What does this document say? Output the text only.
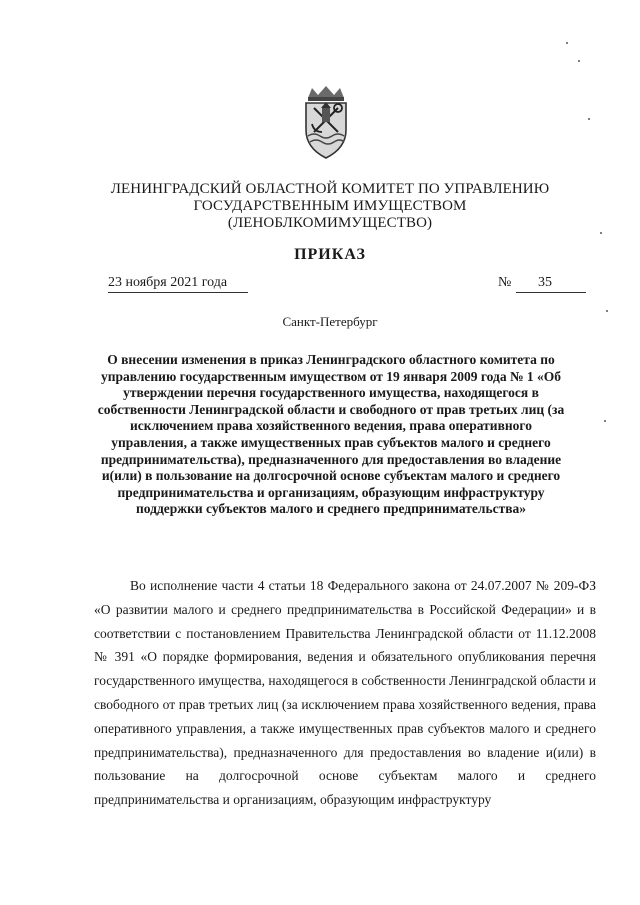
ЛЕНИНГРАДСКИЙ ОБЛАСТНОЙ КОМИТЕТ ПО УПРАВЛЕНИЮ
ГОСУДАРСТВЕННЫМ ИМУЩЕСТВОМ
(ЛЕНОБЛКОМИМУЩЕСТВО)
ПРИКАЗ
23 ноября 2021 года	№	35
Санкт-Петербург
О внесении изменения в приказ Ленинградского областного комитета по управлению государственным имуществом от 19 января 2009 года № 1 «Об утверждении перечня государственного имущества, находящегося в собственности Ленинградской области и свободного от прав третьих лиц (за исключением права хозяйственного ведения, права оперативного управления, а также имущественных прав субъектов малого и среднего предпринимательства), предназначенного для предоставления во владение и(или) в пользование на долгосрочной основе субъектам малого и среднего предпринимательства и организациям, образующим инфраструктуру поддержки субъектов малого и среднего предпринимательства»
Во исполнение части 4 статьи 18 Федерального закона от 24.07.2007 № 209-ФЗ «О развитии малого и среднего предпринимательства в Российской Федерации» и в соответствии с постановлением Правительства Ленинградской области от 11.12.2008 № 391 «О порядке формирования, ведения и обязательного опубликования перечня государственного имущества, находящегося в собственности Ленинградской области и свободного от прав третьих лиц (за исключением права хозяйственного ведения, права оперативного управления, а также имущественных прав субъектов малого и среднего предпринимательства), предназначенного для предоставления во владение и(или) в пользование на долгосрочной основе субъектам малого и среднего предпринимательства и организациям, образующим инфраструктуру
